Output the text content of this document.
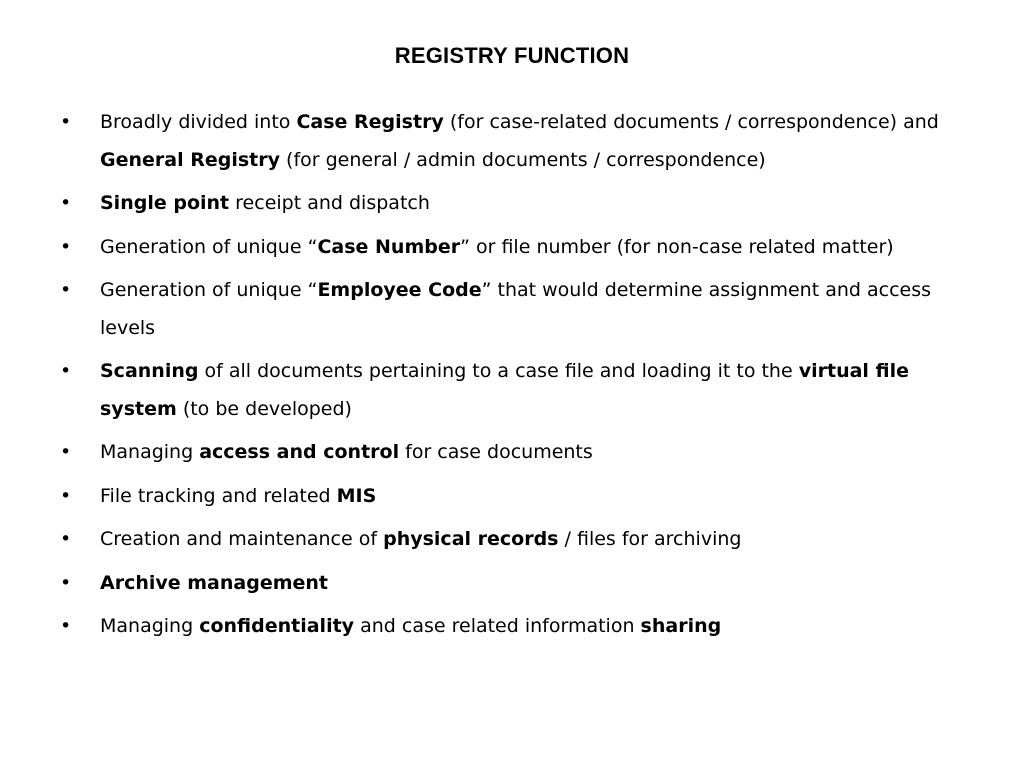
REGISTRY FUNCTION
•	Broadly divided into Case Registry (for case-related documents / correspondence) and General Registry (for general / admin documents / correspondence)
•	Single point receipt and dispatch
•	Generation of unique “Case Number” or file number (for non-case related matter)
•	Generation of unique “Employee Code” that would determine assignment and access levels
•	Scanning of all documents pertaining to a case file and loading it to the virtual file system (to be developed)
•	Managing access and control for case documents
•	File tracking and related MIS
•	Creation and maintenance of physical records / files for archiving
•	Archive management
•	Managing confidentiality and case related information sharing
